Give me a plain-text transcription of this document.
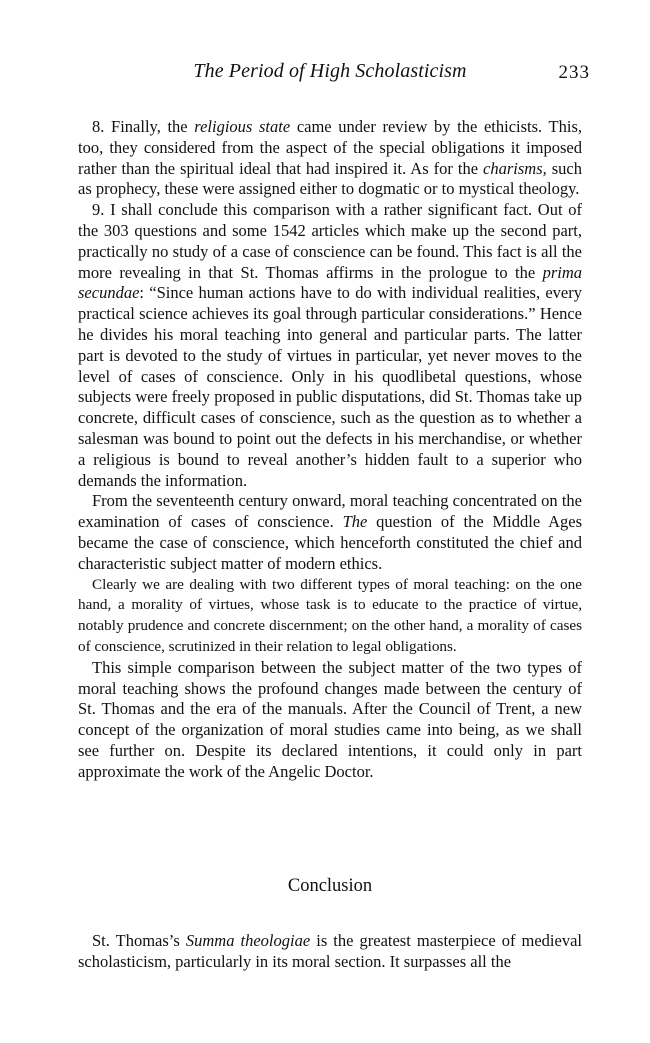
The Period of High Scholasticism	233

8. Finally, the religious state came under review by the ethicists. This, too, they considered from the aspect of the special obligations it imposed rather than the spiritual ideal that had inspired it. As for the charisms, such as prophecy, these were assigned either to dogmatic or to mystical theology.

9. I shall conclude this comparison with a rather significant fact. Out of the 303 questions and some 1542 articles which make up the second part, practically no study of a case of conscience can be found. This fact is all the more revealing in that St. Thomas affirms in the prologue to the prima secundae: “Since human actions have to do with individual realities, every practical science achieves its goal through particular considerations.” Hence he divides his moral teaching into general and particular parts. The latter part is devoted to the study of virtues in particular, yet never moves to the level of cases of conscience. Only in his quodlibetal questions, whose subjects were freely proposed in public disputations, did St. Thomas take up concrete, difficult cases of conscience, such as the question as to whether a salesman was bound to point out the defects in his merchandise, or whether a religious is bound to reveal another’s hidden fault to a superior who demands the information.

From the seventeenth century onward, moral teaching concentrated on the examination of cases of conscience. The question of the Middle Ages became the case of conscience, which henceforth constituted the chief and characteristic subject matter of modern ethics.

Clearly we are dealing with two different types of moral teaching: on the one hand, a morality of virtues, whose task is to educate to the practice of virtue, notably prudence and concrete discernment; on the other hand, a morality of cases of conscience, scrutinized in their relation to legal obligations.

This simple comparison between the subject matter of the two types of moral teaching shows the profound changes made between the century of St. Thomas and the era of the manuals. After the Council of Trent, a new concept of the organization of moral studies came into being, as we shall see further on. Despite its declared intentions, it could only in part approximate the work of the Angelic Doctor.

Conclusion

St. Thomas’s Summa theologiae is the greatest masterpiece of medieval scholasticism, particularly in its moral section. It surpasses all the
